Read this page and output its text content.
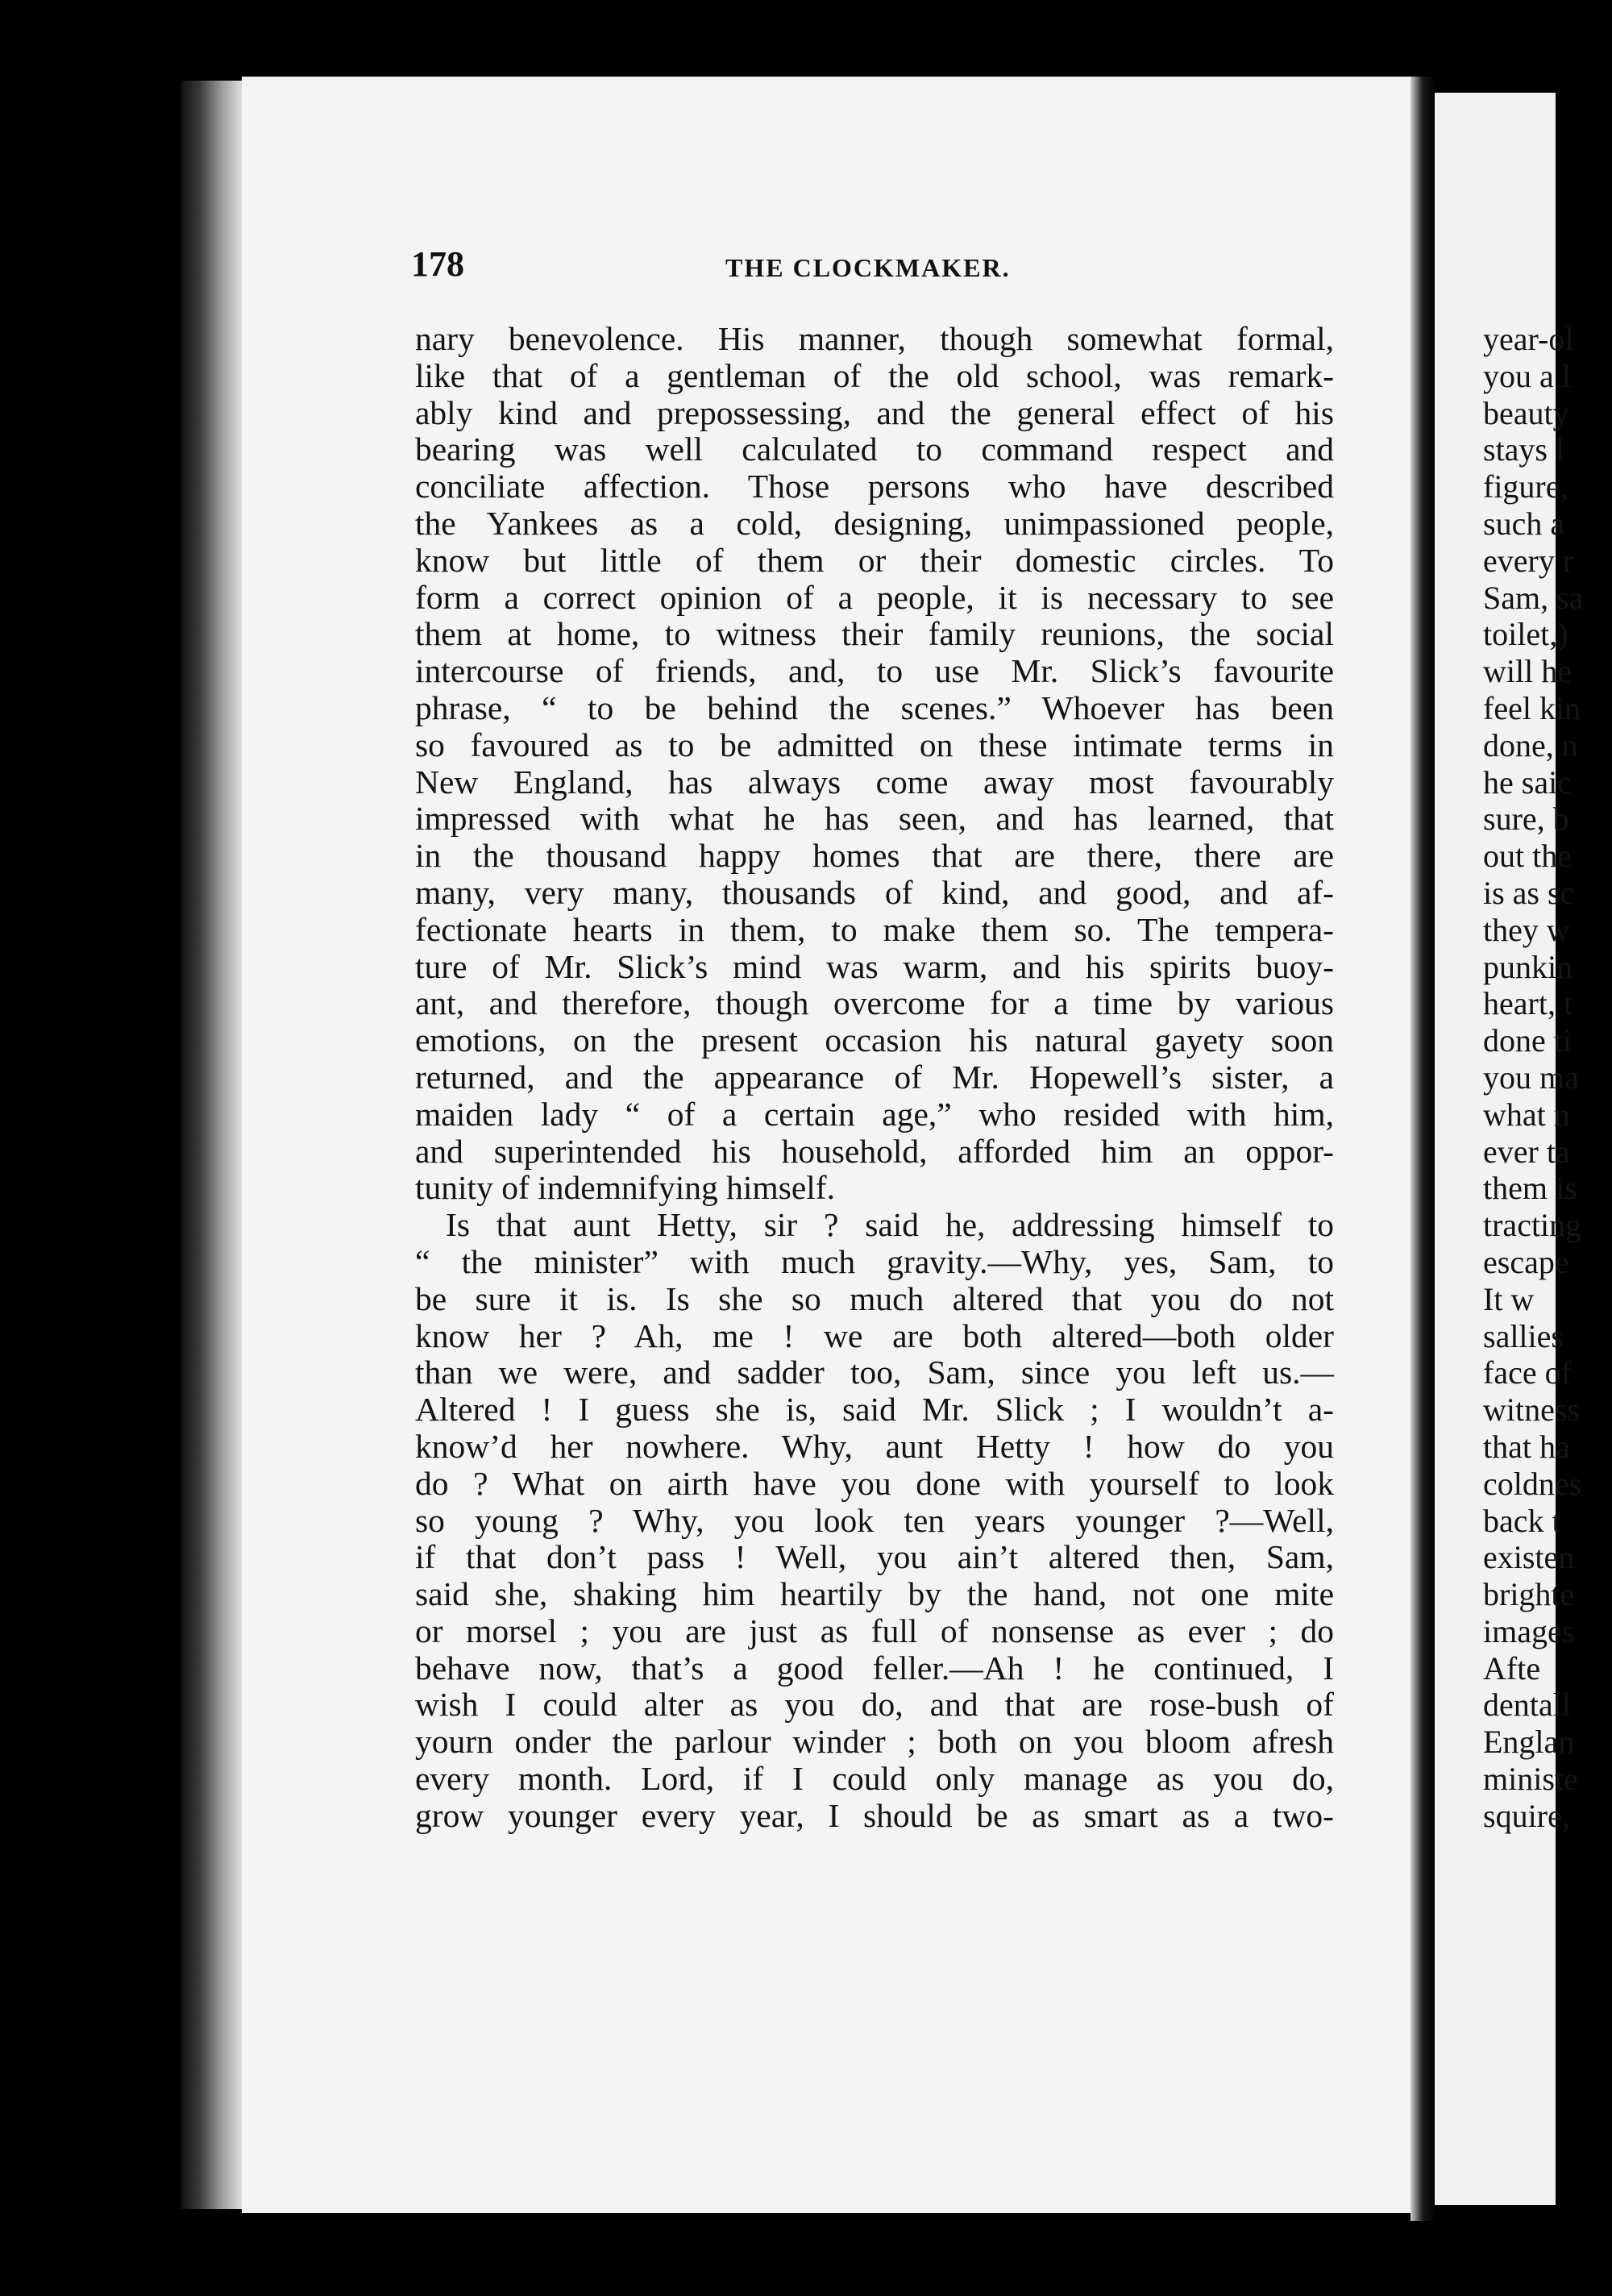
178	THE CLOCKMAKER.
nary benevolence. His manner, though somewhat formal,
like that of a gentleman of the old school, was remark-
ably kind and prepossessing, and the general effect of his
bearing was well calculated to command respect and
conciliate affection. Those persons who have described
the Yankees as a cold, designing, unimpassioned people,
know but little of them or their domestic circles. To
form a correct opinion of a people, it is necessary to see
them at home, to witness their family reunions, the social
intercourse of friends, and, to use Mr. Slick’s favourite
phrase, “ to be behind the scenes.” Whoever has been
so favoured as to be admitted on these intimate terms in
New England, has always come away most favourably
impressed with what he has seen, and has learned, that
in the thousand happy homes that are there, there are
many, very many, thousands of kind, and good, and af-
fectionate hearts in them, to make them so. The tempera-
ture of Mr. Slick’s mind was warm, and his spirits buoy-
ant, and therefore, though overcome for a time by various
emotions, on the present occasion his natural gayety soon
returned, and the appearance of Mr. Hopewell’s sister, a
maiden lady “ of a certain age,” who resided with him,
and superintended his household, afforded him an oppor-
tunity of indemnifying himself.
Is that aunt Hetty, sir ? said he, addressing himself to
“ the minister” with much gravity.—Why, yes, Sam, to
be sure it is. Is she so much altered that you do not
know her ? Ah, me ! we are both altered—both older
than we were, and sadder too, Sam, since you left us.—
Altered ! I guess she is, said Mr. Slick ; I wouldn’t a-
know’d her nowhere. Why, aunt Hetty ! how do you
do ? What on airth have you done with yourself to look
so young ? Why, you look ten years younger ?—Well,
if that don’t pass ! Well, you ain’t altered then, Sam,
said she, shaking him heartily by the hand, not one mite
or morsel ; you are just as full of nonsense as ever ; do
behave now, that’s a good feller.—Ah ! he continued, I
wish I could alter as you do, and that are rose-bush of
yourn onder the parlour winder ; both on you bloom afresh
every month. Lord, if I could only manage as you do,
grow younger every year, I should be as smart as a two-
year-ol
you a l
beauty
stays l
figure,
such a
every r
Sam, sa
toilet,)
will he
feel kin
done, n
he saic
sure, b
out the
is as sc
they w
punkin
heart, t
done ti
you ma
what n
ever ta
them is
tracting
escape
It w
sallies
face of
witness
that ha
coldnes
back t
existen
brighte
images
Afte
dentall
Englan
ministe
squire,
